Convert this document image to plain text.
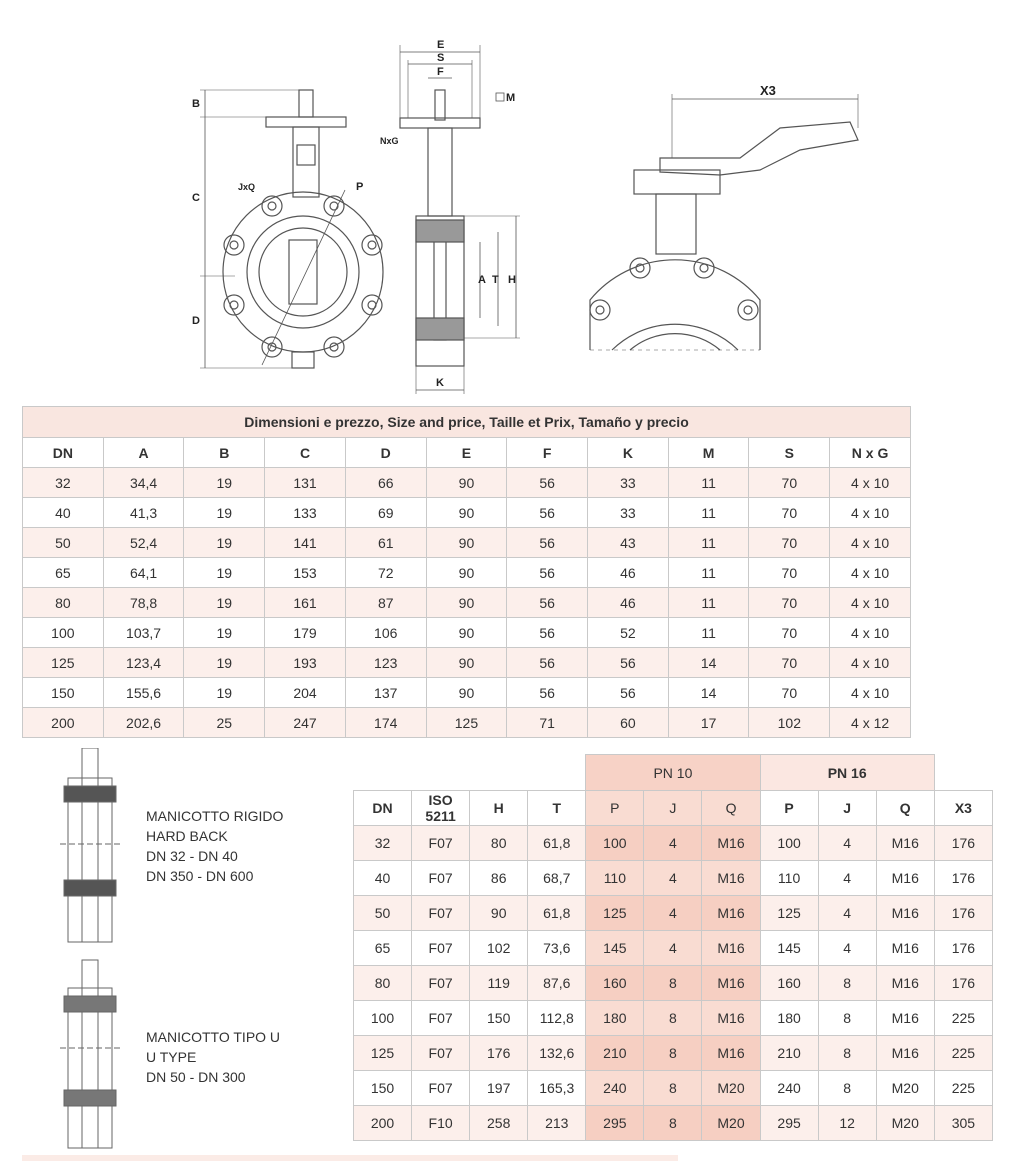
E
S
F
M
B
NxG
C
JxQ	P
D
A T H
K
X3
Dimensioni e prezzo, Size and price, Taille et Prix, Tamaño y precio										
DN	A	B	C	D	E	F	K	M	S	N x G
32	34,4	19	131	66	90	56	33	11	70	4 x 10
40	41,3	19	133	69	90	56	33	11	70	4 x 10
50	52,4	19	141	61	90	56	43	11	70	4 x 10
65	64,1	19	153	72	90	56	46	11	70	4 x 10
80	78,8	19	161	87	90	56	46	11	70	4 x 10
100	103,7	19	179	106	90	56	52	11	70	4 x 10
125	123,4	19	193	123	90	56	56	14	70	4 x 10
150	155,6	19	204	137	90	56	56	14	70	4 x 10
200	202,6	25	247	174	125	71	60	17	102	4 x 12
MANICOTTO RIGIDO
HARD BACK
DN 32 - DN 40
DN 350 - DN 600
MANICOTTO TIPO U
U TYPE
DN 50 - DN 300
				PN 10			PN 16			
DN	ISO 5211	H	T	P	J	Q	P	J	Q	X3
32	F07	80	61,8	100	4	M16	100	4	M16	176
40	F07	86	68,7	110	4	M16	110	4	M16	176
50	F07	90	61,8	125	4	M16	125	4	M16	176
65	F07	102	73,6	145	4	M16	145	4	M16	176
80	F07	119	87,6	160	8	M16	160	8	M16	176
100	F07	150	112,8	180	8	M16	180	8	M16	225
125	F07	176	132,6	210	8	M16	210	8	M16	225
150	F07	197	165,3	240	8	M20	240	8	M20	225
200	F10	258	213	295	8	M20	295	12	M20	305
